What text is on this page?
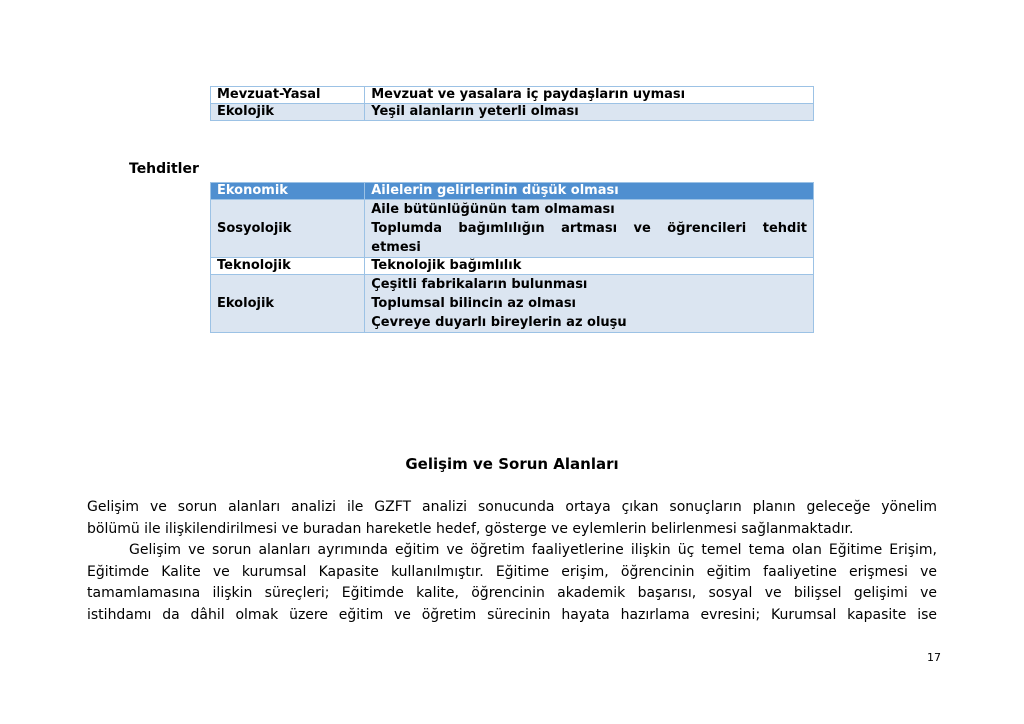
Mevzuat-Yasal	Mevzuat ve yasalara iç paydaşların uyması
Ekolojik	Yeşil alanların yeterli olması
Tehditler
Ekonomik	Ailelerin gelirlerinin düşük olması
Sosyolojik	Aile bütünlüğünün tam olmaması
Toplumda bağımlılığın artması ve öğrencileri tehdit
etmesi

Teknolojik	Teknolojik bağımlılık
Ekolojik	Çeşitli fabrikaların bulunması
Toplumsal bilincin az olması
Çevreye duyarlı bireylerin az oluşu
Gelişim ve Sorun Alanları
Gelişim ve sorun alanları analizi ile GZFT analizi sonucunda ortaya çıkan sonuçların planın geleceğe yönelim
bölümü ile ilişkilendirilmesi ve buradan hareketle hedef, gösterge ve eylemlerin belirlenmesi sağlanmaktadır.
Gelişim ve sorun alanları ayrımında eğitim ve öğretim faaliyetlerine ilişkin üç temel tema olan Eğitime Erişim,
Eğitimde Kalite ve kurumsal Kapasite kullanılmıştır. Eğitime erişim, öğrencinin eğitim faaliyetine erişmesi ve
tamamlamasına ilişkin süreçleri; Eğitimde kalite, öğrencinin akademik başarısı, sosyal ve bilişsel gelişimi ve
istihdamı da dâhil olmak üzere eğitim ve öğretim sürecinin hayata hazırlama evresini; Kurumsal kapasite ise
17
